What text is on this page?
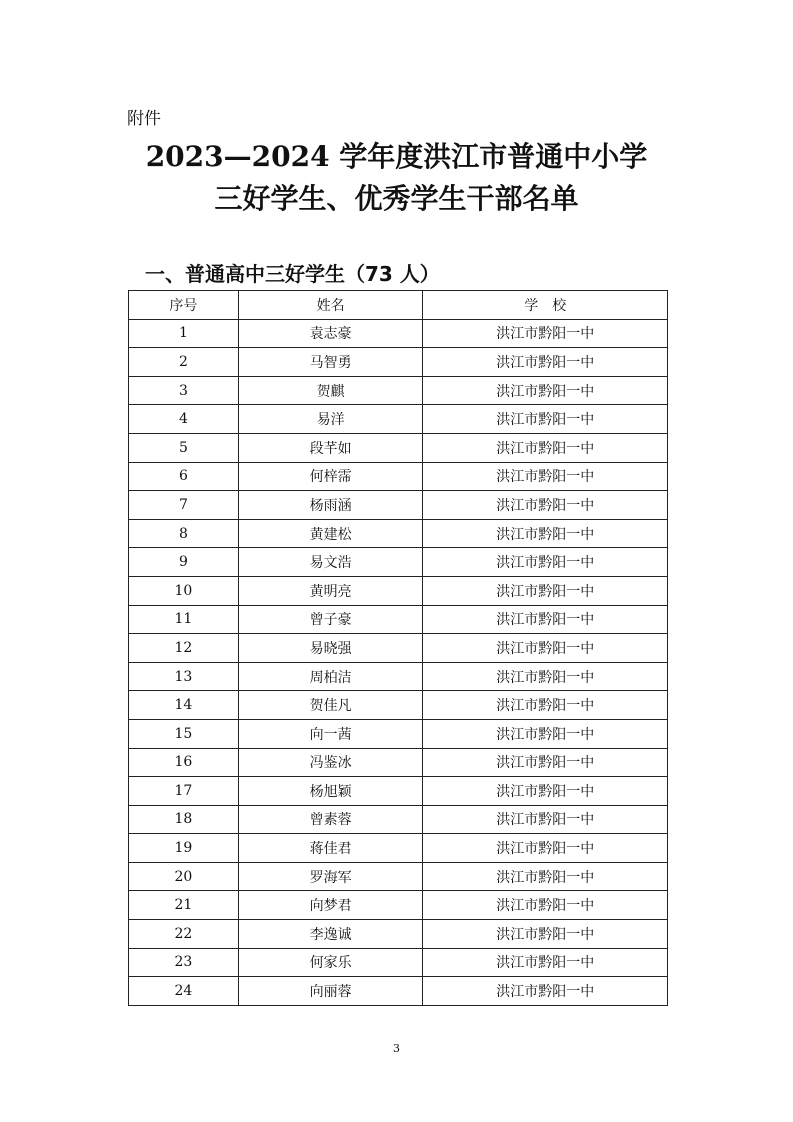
附件

2023—2024 学年度洪江市普通中小学
三好学生、优秀学生干部名单
一、普通高中三好学生（73 人）
序号	姓名	学　校
1	袁志豪	洪江市黔阳一中
2	马智勇	洪江市黔阳一中
3	贺麒	洪江市黔阳一中
4	易洋	洪江市黔阳一中
5	段芊如	洪江市黔阳一中
6	何梓霈	洪江市黔阳一中
7	杨雨涵	洪江市黔阳一中
8	黄建松	洪江市黔阳一中
9	易文浩	洪江市黔阳一中
10	黄明亮	洪江市黔阳一中
11	曾子豪	洪江市黔阳一中
12	易晓强	洪江市黔阳一中
13	周柏洁	洪江市黔阳一中
14	贺佳凡	洪江市黔阳一中
15	向一茜	洪江市黔阳一中
16	冯鉴冰	洪江市黔阳一中
17	杨旭颖	洪江市黔阳一中
18	曾素蓉	洪江市黔阳一中
19	蒋佳君	洪江市黔阳一中
20	罗海军	洪江市黔阳一中
21	向梦君	洪江市黔阳一中
22	李逸诚	洪江市黔阳一中
23	何家乐	洪江市黔阳一中
24	向丽蓉	洪江市黔阳一中

3
